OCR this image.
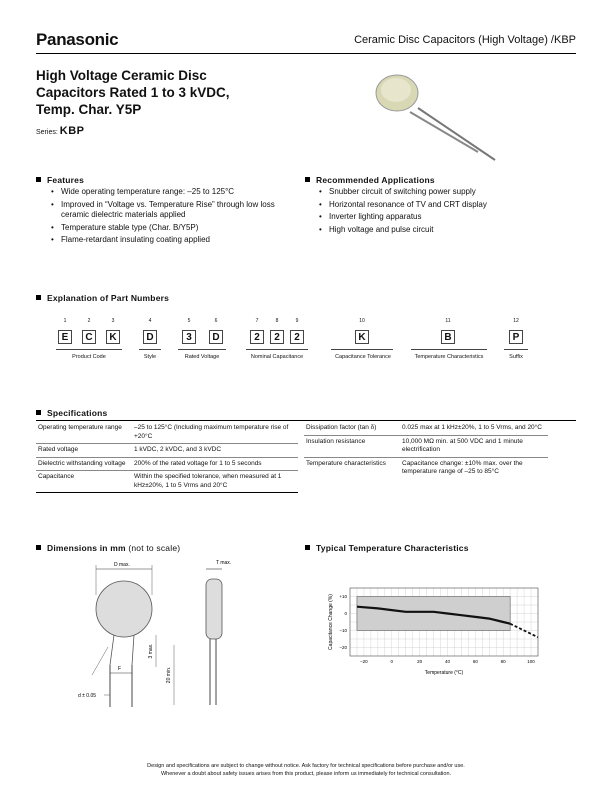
Panasonic	Ceramic Disc Capacitors (High Voltage) /KBP
High Voltage Ceramic Disc
Capacitors Rated 1 to 3 kVDC,
Temp. Char. Y5P
Series: KBP
Features
• Wide operating temperature range: –25 to 125°C
• Improved in “Voltage vs. Temperature Rise” through low loss ceramic dielectric materials applied
• Temperature stable type (Char. B/Y5P)
• Flame-retardant insulating coating applied
Recommended Applications
• Snubber circuit of switching power supply
• Horizontal resonance of TV and CRT display
• Inverter lighting apparatus
• High voltage and pulse circuit
Explanation of Part Numbers
1	2	3	4	5	6	7	8	9	10	11	12
E	C	K	D	3	D	2	2	2	K	B	P
Product Code	Style	Rated Voltage	Nominal Capacitance	Capacitance Tolerance	Temperature Characteristics	Suffix
Specifications
Operating temperature range	–25 to 125°C (Including maximum temperature rise of +20°C
Rated voltage	1 kVDC, 2 kVDC, and 3 kVDC
Dielectric withstanding voltage	200% of the rated voltage for 1 to 5 seconds
Capacitance	Within the specified tolerance, when measured at 1 kHz±20%, 1 to 5 Vrms and 20°C
Dissipation factor (tan δ)	0.025 max at 1 kHz±20%, 1 to 5 Vrms, and 20°C
Insulation resistance	10,000 MΩ min. at 500 VDC and 1 minute electrification
Temperature characteristics	Capacitance change: ±10% max. over the temperature range of –25 to 85°C
Dimensions in mm (not to scale)
D max.
F
d ± 0.05
T max.
3 max.
20 min.
Typical Temperature Characteristics
+10
0
–10
–20
–20	0	20	40	60	80	100
Capacitance Change (%)
Temperature (°C)
Design and specifications are subject to change without notice. Ask factory for technical specifications before purchase and/or use.
Whenever a doubt about safety issues arises from this product, please inform us immediately for technical consultation.
